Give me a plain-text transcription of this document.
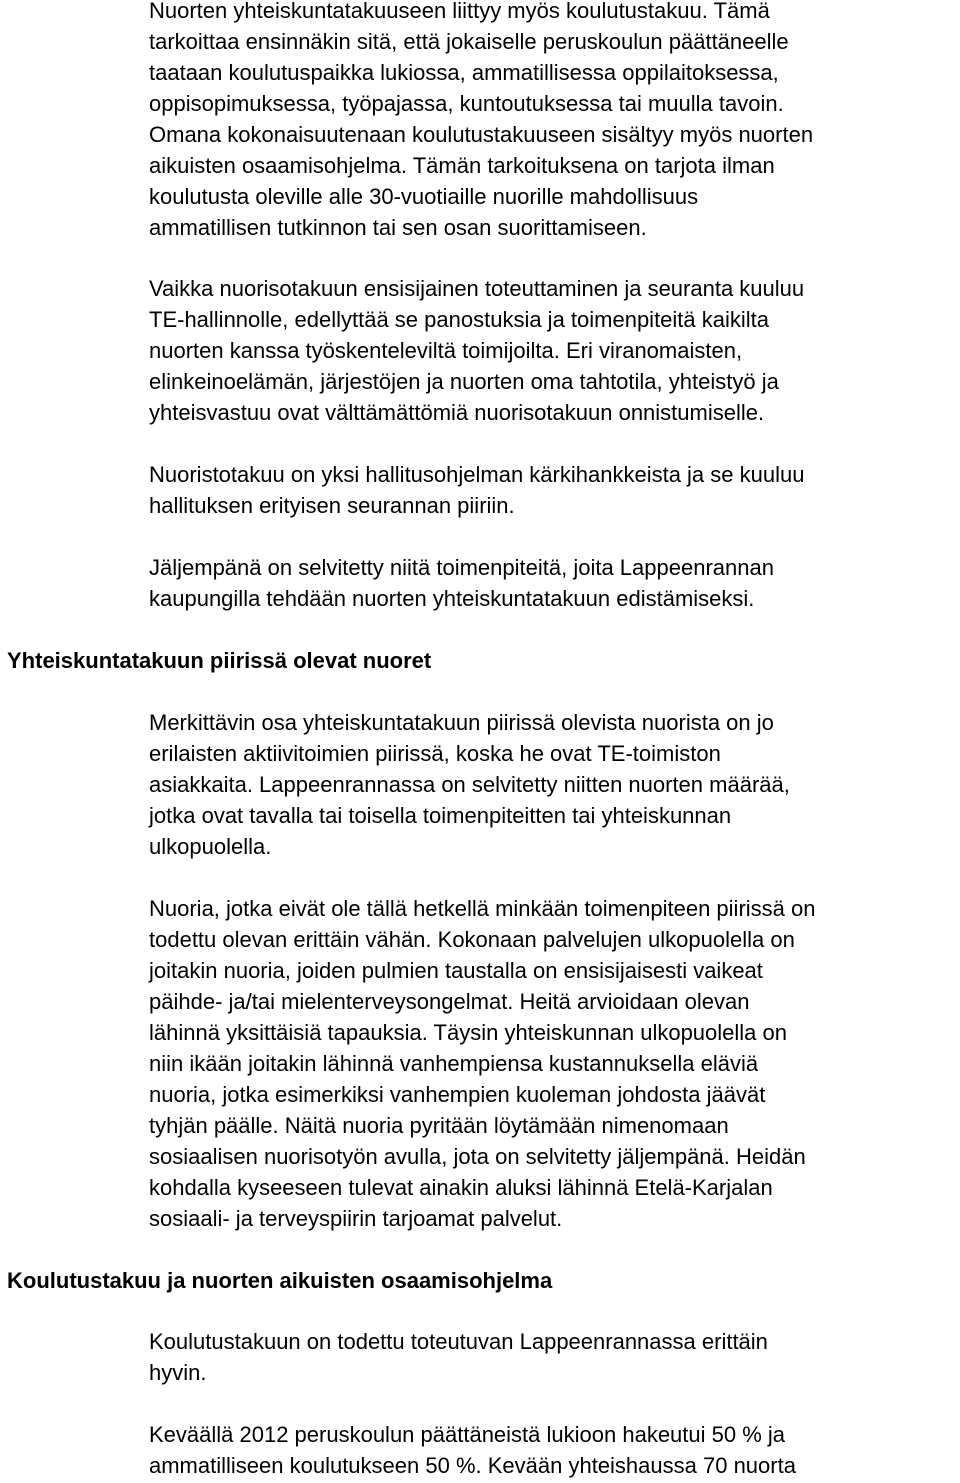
Nuorten yhteiskuntatakuuseen liittyy myös koulutustakuu. Tämä
tarkoittaa ensinnäkin sitä, että jokaiselle peruskoulun päättäneelle
taataan koulutuspaikka lukiossa, ammatillisessa oppilaitoksessa,
oppisopimuksessa, työpajassa, kuntoutuksessa tai muulla tavoin.
Omana kokonaisuutenaan koulutustakuuseen sisältyy myös nuorten
aikuisten osaamisohjelma. Tämän tarkoituksena on tarjota ilman
koulutusta oleville alle 30-vuotiaille nuorille mahdollisuus
ammatillisen tutkinnon tai sen osan suorittamiseen.
Vaikka nuorisotakuun ensisijainen toteuttaminen ja seuranta kuuluu
TE-hallinnolle, edellyttää se panostuksia ja toimenpiteitä kaikilta
nuorten kanssa työskenteleviltä toimijoilta. Eri viranomaisten,
elinkeinoelämän, järjestöjen ja nuorten oma tahtotila, yhteistyö ja
yhteisvastuu ovat välttämättömiä nuorisotakuun onnistumiselle.
Nuoristotakuu on yksi hallitusohjelman kärkihankkeista ja se kuuluu
hallituksen erityisen seurannan piiriin.
Jäljempänä on selvitetty niitä toimenpiteitä, joita Lappeenrannan
kaupungilla tehdään nuorten yhteiskuntatakuun edistämiseksi.
Yhteiskuntatakuun piirissä olevat nuoret
Merkittävin osa yhteiskuntatakuun piirissä olevista nuorista on jo
erilaisten aktiivitoimien piirissä, koska he ovat TE-toimiston
asiakkaita. Lappeenrannassa on selvitetty niitten nuorten määrää,
jotka ovat tavalla tai toisella toimenpiteitten tai yhteiskunnan
ulkopuolella.
Nuoria, jotka eivät ole tällä hetkellä minkään toimenpiteen piirissä on
todettu olevan erittäin vähän. Kokonaan palvelujen ulkopuolella on
joitakin nuoria, joiden pulmien taustalla on ensisijaisesti vaikeat
päihde- ja/tai mielenterveysongelmat. Heitä arvioidaan olevan
lähinnä yksittäisiä tapauksia. Täysin yhteiskunnan ulkopuolella on
niin ikään joitakin lähinnä vanhempiensa kustannuksella eläviä
nuoria, jotka esimerkiksi vanhempien kuoleman johdosta jäävät
tyhjän päälle. Näitä nuoria pyritään löytämään nimenomaan
sosiaalisen nuorisotyön avulla, jota on selvitetty jäljempänä. Heidän
kohdalla kyseeseen tulevat ainakin aluksi lähinnä Etelä-Karjalan
sosiaali- ja terveyspiirin tarjoamat palvelut.
Koulutustakuu ja nuorten aikuisten osaamisohjelma
Koulutustakuun on todettu toteutuvan Lappeenrannassa erittäin
hyvin.
Keväällä 2012 peruskoulun päättäneistä lukioon hakeutui 50 % ja
ammatilliseen koulutukseen 50 %. Kevään yhteishaussa 70 nuorta
